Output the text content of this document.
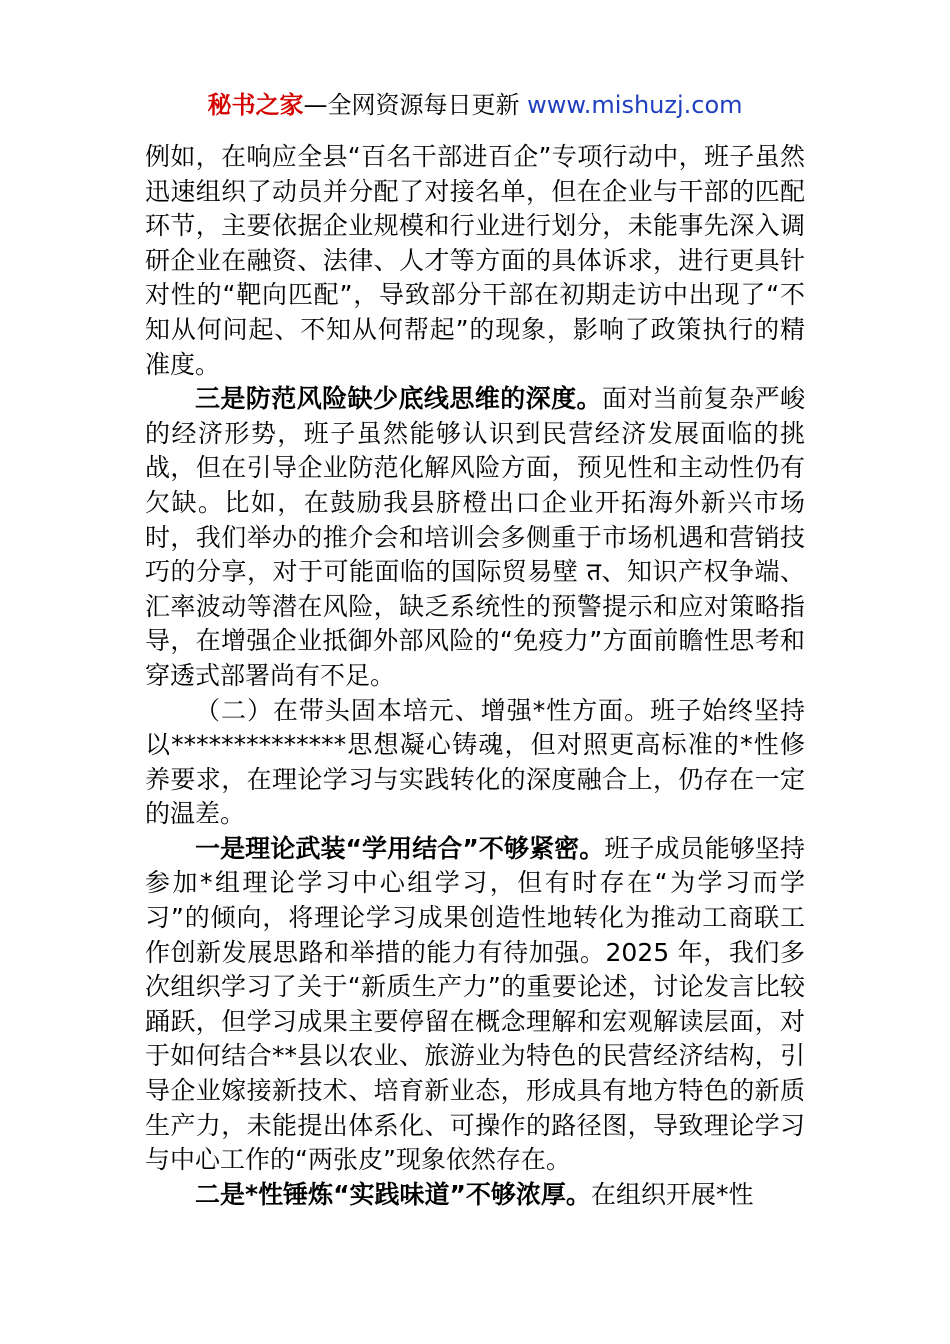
秘书之家—全网资源每日更新 www.mishuzj.com

例如，在响应全县“百名干部进百企”专项行动中，班子虽然迅速组织了动员并分配了对接名单，但在企业与干部的匹配环节，主要依据企业规模和行业进行划分，未能事先深入调研企业在融资、法律、人才等方面的具体诉求，进行更具针对性的“靶向匹配”，导致部分干部在初期走访中出现了“不知从何问起、不知从何帮起”的现象，影响了政策执行的精准度。

三是防范风险缺少底线思维的深度。面对当前复杂严峻的经济形势，班子虽然能够认识到民营经济发展面临的挑战，但在引导企业防范化解风险方面，预见性和主动性仍有欠缺。比如，在鼓励我县脐橙出口企业开拓海外新兴市场时，我们举办的推介会和培训会多侧重于市场机遇和营销技巧的分享，对于可能面临的国际贸易壁 त、知识产权争端、汇率波动等潜在风险，缺乏系统性的预警提示和应对策略指导，在增强企业抵御外部风险的“免疫力”方面前瞻性思考和穿透式部署尚有不足。

（二）在带头固本培元、增强*性方面。班子始终坚持以**************思想凝心铸魂，但对照更高标准的*性修养要求，在理论学习与实践转化的深度融合上，仍存在一定的温差。

一是理论武装“学用结合”不够紧密。班子成员能够坚持参加*组理论学习中心组学习，但有时存在“为学习而学习”的倾向，将理论学习成果创造性地转化为推动工商联工作创新发展思路和举措的能力有待加强。2025 年，我们多次组织学习了关于“新质生产力”的重要论述，讨论发言比较踊跃，但学习成果主要停留在概念理解和宏观解读层面，对于如何结合**县以农业、旅游业为特色的民营经济结构，引导企业嫁接新技术、培育新业态，形成具有地方特色的新质生产力，未能提出体系化、可操作的路径图，导致理论学习与中心工作的“两张皮”现象依然存在。

二是*性锤炼“实践味道”不够浓厚。在组织开展*性
